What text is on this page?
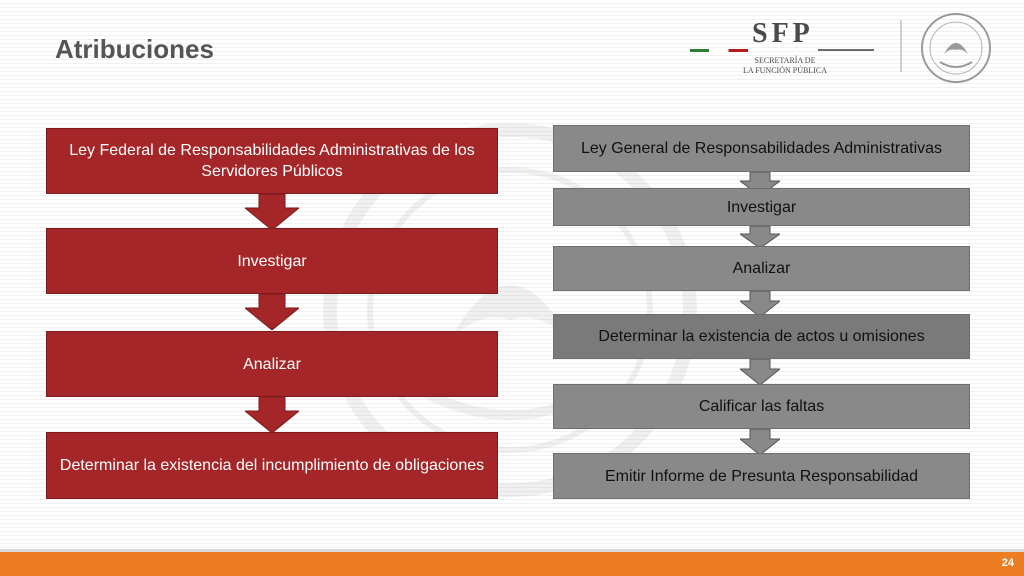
Atribuciones	SFP
SECRETARÍA DE
LA FUNCIÓN PÚBLICA
Ley Federal de Responsabilidades Administrativas de los Servidores Públicos
Investigar
Analizar
Determinar la existencia del incumplimiento de obligaciones
Ley General de Responsabilidades Administrativas
Investigar
Analizar
Determinar la existencia de actos u omisiones
Calificar las faltas
Emitir Informe de Presunta Responsabilidad
24
